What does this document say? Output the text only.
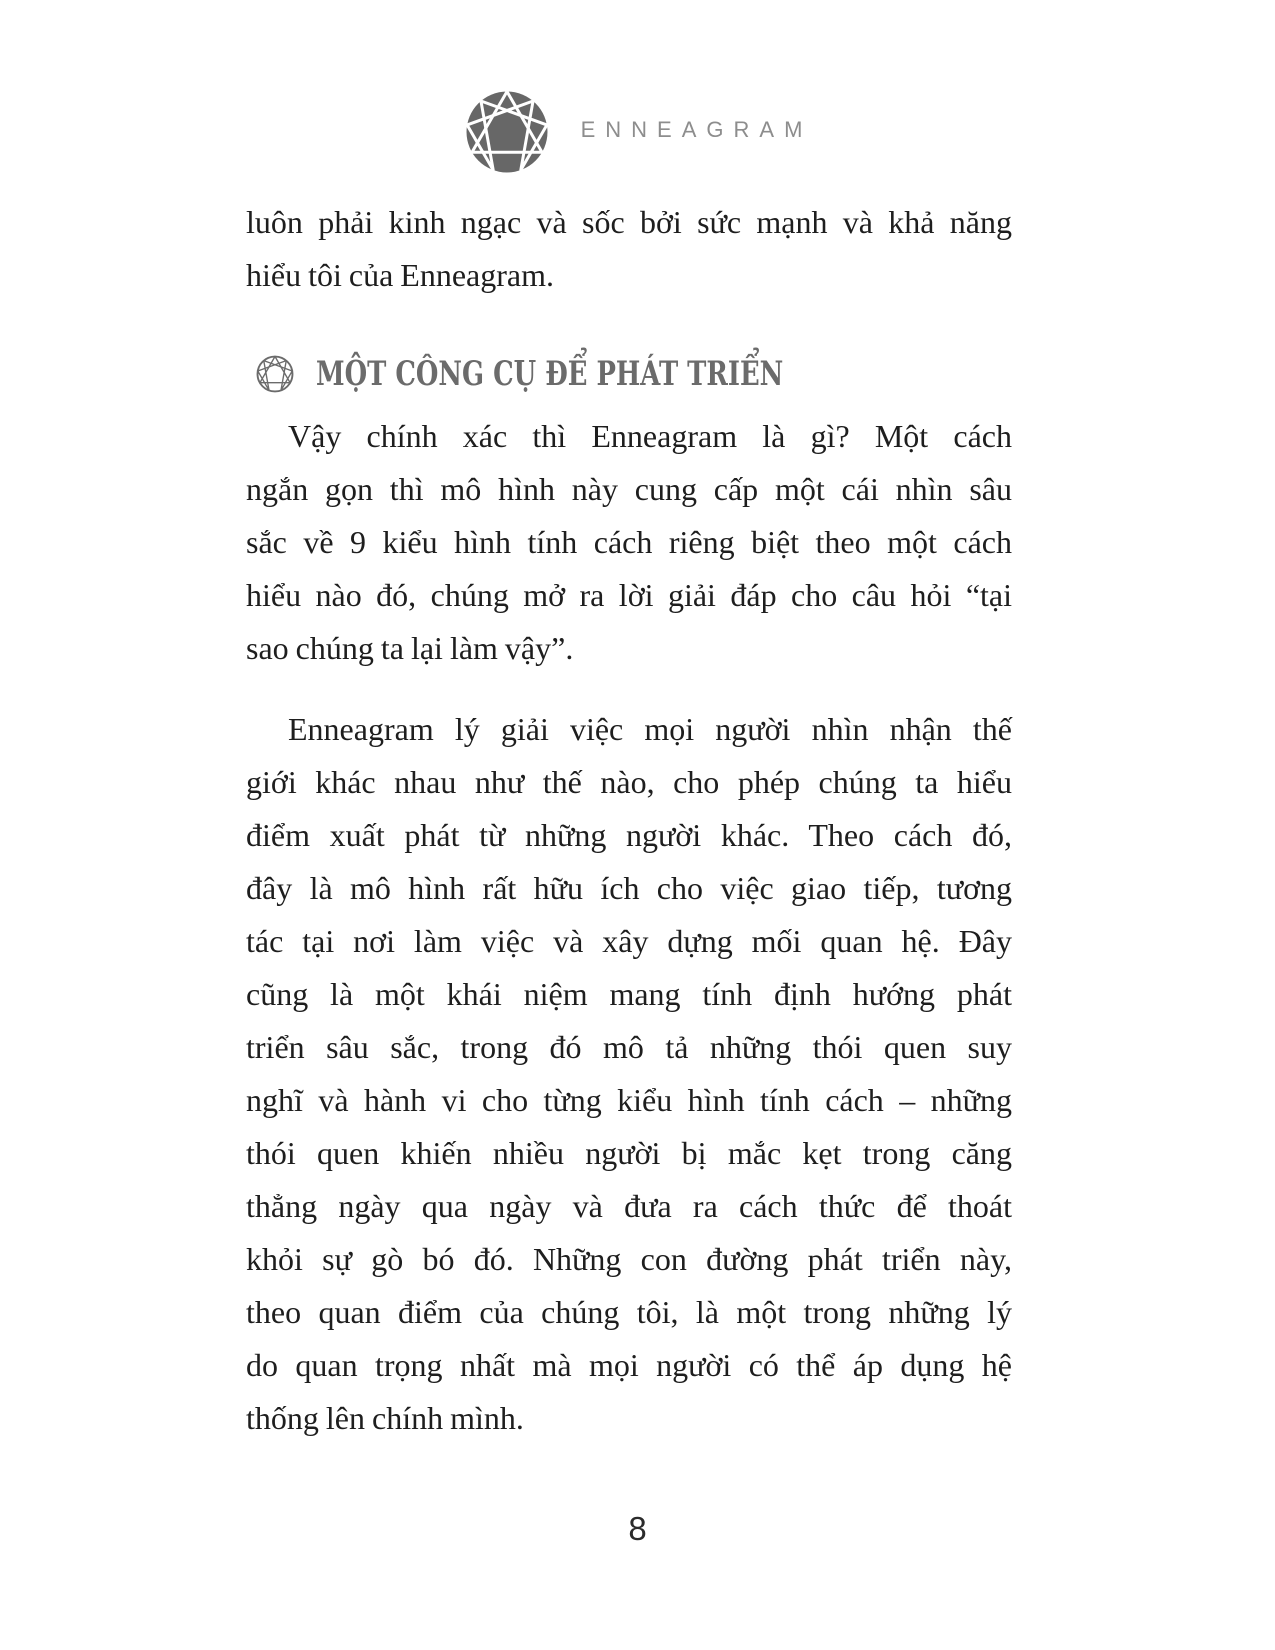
ENNEAGRAM
luôn phải kinh ngạc và sốc bởi sức mạnh và khả năng
hiểu tôi của Enneagram.
MỘT CÔNG CỤ ĐỂ PHÁT TRIỂN
Vậy chính xác thì Enneagram là gì? Một cách
ngắn gọn thì mô hình này cung cấp một cái nhìn sâu
sắc về 9 kiểu hình tính cách riêng biệt theo một cách
hiểu nào đó, chúng mở ra lời giải đáp cho câu hỏi “tại
sao chúng ta lại làm vậy”.
Enneagram lý giải việc mọi người nhìn nhận thế
giới khác nhau như thế nào, cho phép chúng ta hiểu
điểm xuất phát từ những người khác. Theo cách đó,
đây là mô hình rất hữu ích cho việc giao tiếp, tương
tác tại nơi làm việc và xây dựng mối quan hệ. Đây
cũng là một khái niệm mang tính định hướng phát
triển sâu sắc, trong đó mô tả những thói quen suy
nghĩ và hành vi cho từng kiểu hình tính cách – những
thói quen khiến nhiều người bị mắc kẹt trong căng
thẳng ngày qua ngày và đưa ra cách thức để thoát
khỏi sự gò bó đó. Những con đường phát triển này,
theo quan điểm của chúng tôi, là một trong những lý
do quan trọng nhất mà mọi người có thể áp dụng hệ
thống lên chính mình.
8
